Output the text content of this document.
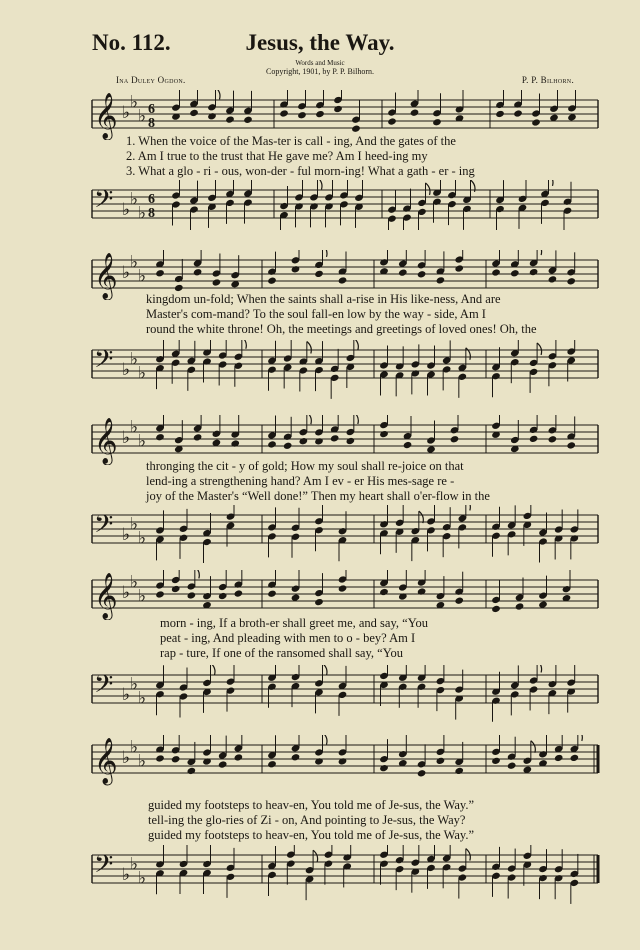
No. 112.	Jesus, the Way.
Words and Music
Copyright, 1901, by P. P. Bilhorn.
Ina Duley Ogdon.	P. P. Bilhorn.
𝄞 ♭
♭
♭ 6
8
1. When the voice of the Mas-ter is call - ing, And the gates of the
2. Am I true to the trust that He gave me? Am I heed-ing my
3. What a glo - ri - ous, won-der - ful morn-ing! What a gath - er - ing
𝄢 ♭
♭
♭
6
8
𝄞 ♭
♭
♭
kingdom un-fold; When the saints shall a-rise in His like-ness, And are
Master's com-mand? To the soul fall-en low by the way - side, Am I
round the white throne! Oh, the meetings and greetings of loved ones! Oh, the
𝄢 ♭
♭
♭
𝄞 ♭
♭
♭
thronging the cit - y of gold; How my soul shall re-joice on that
lend-ing a strengthening hand? Am I ev - er His mes-sage re -
joy of the Master's “Well done!” Then my heart shall o'er-flow in the
𝄢 ♭
♭
♭
𝄞 ♭
♭
♭
morn - ing, If a broth-er shall greet me, and say, “You
peat - ing, And pleading with men to o - bey? Am I
rap - ture, If one of the ransomed shall say, “You
𝄢 ♭
♭
♭
𝄞 ♭
♭
♭
guided my footsteps to heav-en, You told me of Je-sus, the Way.”
tell-ing the glo-ries of Zi - on, And pointing to Je-sus, the Way?
guided my footsteps to heav-en, You told me of Je-sus, the Way.”
𝄢 ♭
♭
♭
